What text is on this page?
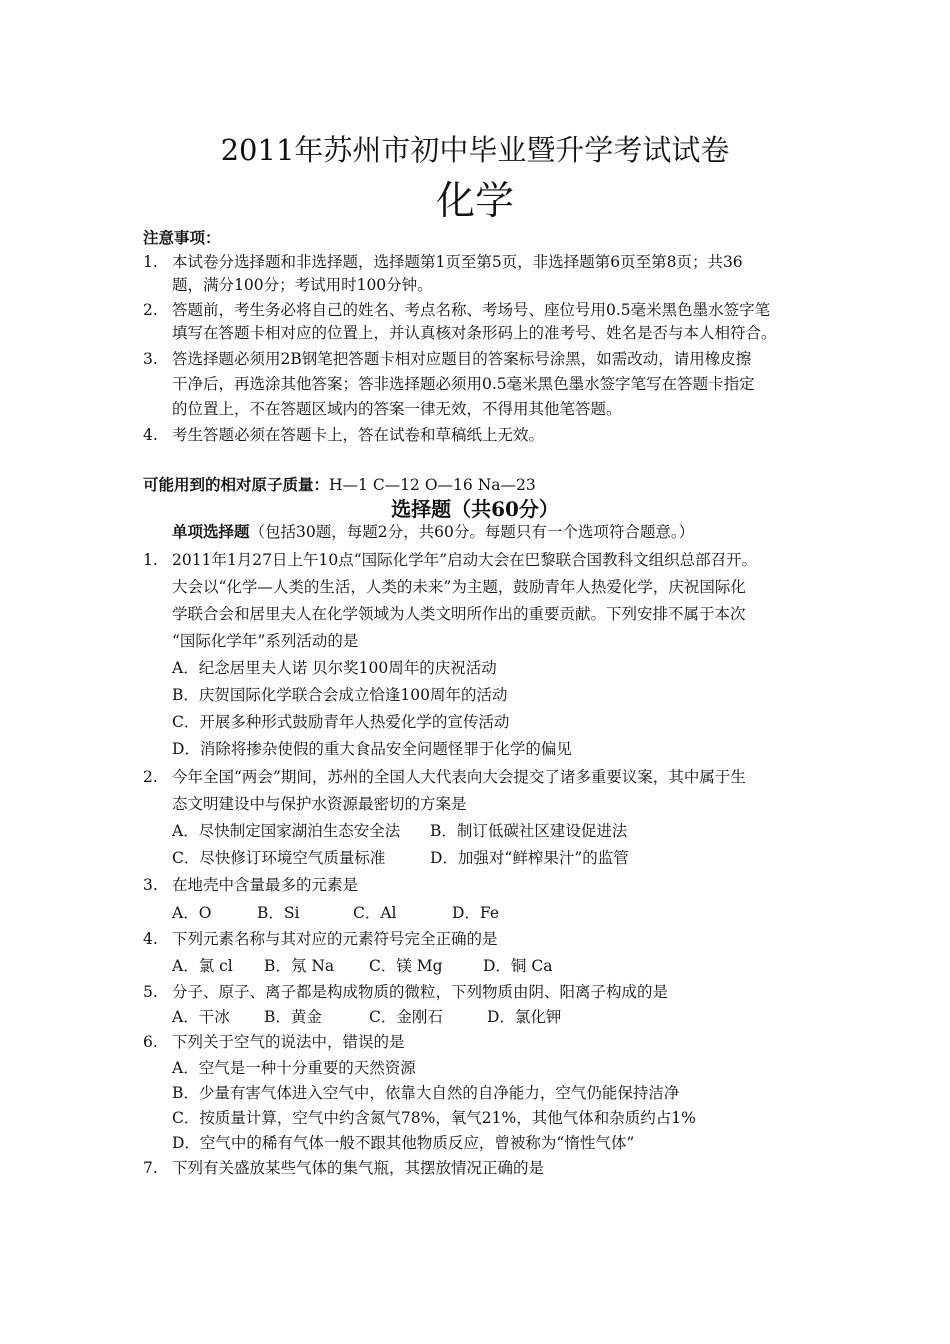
2011年苏州市初中毕业暨升学考试试卷
化学
注意事项：
1. 本试卷分选择题和非选择题，选择题第1页至第5页，非选择题第6页至第8页；共36
题，满分100分；考试用时100分钟。
2. 答题前，考生务必将自己的姓名、考点名称、考场号、座位号用0.5毫米黑色墨水签字笔
填写在答题卡相对应的位置上，并认真核对条形码上的准考号、姓名是否与本人相符合。
3. 答选择题必须用2B钢笔把答题卡相对应题目的答案标号涂黑，如需改动，请用橡皮擦
干净后，再选涂其他答案；答非选择题必须用0.5毫米黑色墨水签字笔写在答题卡指定
的位置上，不在答题区域内的答案一律无效，不得用其他笔答题。
4. 考生答题必须在答题卡上，答在试卷和草稿纸上无效。
可能用到的相对原子质量：H—1 C—12 O—16 Na—23
选择题（共60分）
单项选择题（包括30题，每题2分，共60分。每题只有一个选项符合题意。）
1. 2011年1月27日上午10点“国际化学年”启动大会在巴黎联合国教科文组织总部召开。
大会以“化学—人类的生活，人类的未来”为主题，鼓励青年人热爱化学，庆祝国际化
学联合会和居里夫人在化学领域为人类文明所作出的重要贡献。下列安排不属于本次
“国际化学年”系列活动的是
A．纪念居里夫人诺 贝尔奖100周年的庆祝活动
B．庆贺国际化学联合会成立恰逢100周年的活动
C．开展多种形式鼓励青年人热爱化学的宣传活动
D．消除将掺杂使假的重大食品安全问题怪罪于化学的偏见
2. 今年全国“两会”期间，苏州的全国人大代表向大会提交了诸多重要议案，其中属于生
态文明建设中与保护水资源最密切的方案是
A．尽快制定国家湖泊生态安全法 B．制订低碳社区建设促进法
C．尽快修订环境空气质量标准	D．加强对“鲜榨果汁”的监管
3. 在地壳中含量最多的元素是
A．O	B．Si	C．Al	D．Fe
4. 下列元素名称与其对应的元素符号完全正确的是
A．氯 cl B．氖 Na C．镁 Mg	D．铜 Ca
5. 分子、原子、离子都是构成物质的微粒，下列物质由阴、阳离子构成的是
A．干冰 B．黄金	C．金刚石	D．氯化钾
6. 下列关于空气的说法中，错误的是
A．空气是一种十分重要的天然资源
B．少量有害气体进入空气中，依靠大自然的自净能力，空气仍能保持洁净
C．按质量计算，空气中约含氮气78%，氧气21%，其他气体和杂质约占1%
D．空气中的稀有气体一般不跟其他物质反应，曾被称为“惰性气体”
7. 下列有关盛放某些气体的集气瓶，其摆放情况正确的是
